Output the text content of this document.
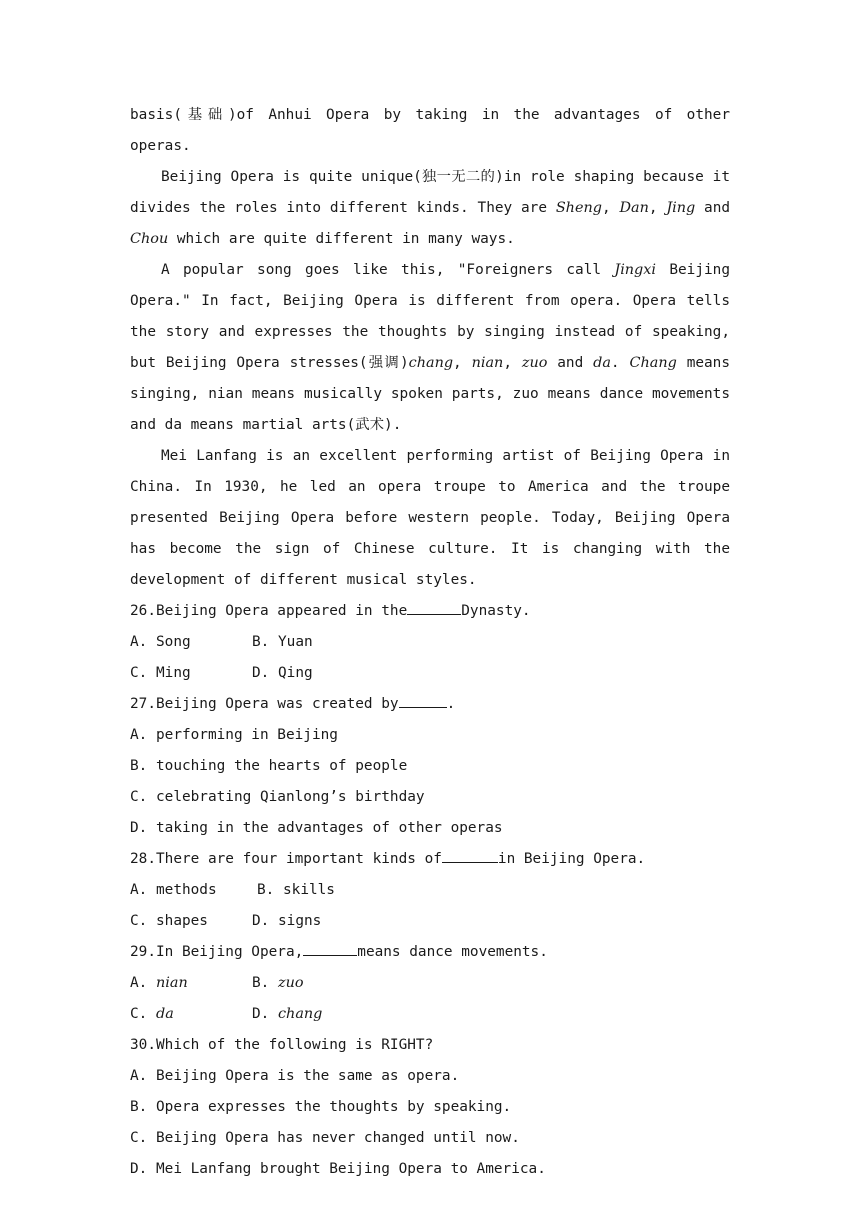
basis(基础)of Anhui Opera by taking in the advantages of other operas.

Beijing Opera is quite unique(独一无二的)in role shaping because it divides the roles into different kinds. They are Sheng, Dan, Jing and Chou which are quite different in many ways.

A popular song goes like this, "Foreigners call Jingxi Beijing Opera." In fact, Beijing Opera is different from opera. Opera tells the story and expresses the thoughts by singing instead of speaking, but Beijing Opera stresses(强调)chang, nian, zuo and da. Chang means singing, nian means musically spoken parts, zuo means dance movements and da means martial arts(武术).

Mei Lanfang is an excellent performing artist of Beijing Opera in China. In 1930, he led an opera troupe to America and the troupe presented Beijing Opera before western people. Today, Beijing Opera has become the sign of Chinese culture. It is changing with the development of different musical styles.

26.Beijing Opera appeared in the	Dynasty.

A. Song	B. Yuan

C. Ming	D. Qing

27.Beijing Opera was created by	.

A. performing in Beijing

B. touching the hearts of people

C. celebrating Qianlong’s birthday

D. taking in the advantages of other operas

28.There are four important kinds of	in Beijing Opera.

A. methods	B. skills

C. shapes	D. signs

29.In Beijing Opera,	means dance movements.

A. nian	B. zuo

C. da	D. chang

30.Which of the following is RIGHT?

A. Beijing Opera is the same as opera.

B. Opera expresses the thoughts by speaking.

C. Beijing Opera has never changed until now.

D. Mei Lanfang brought Beijing Opera to America.
